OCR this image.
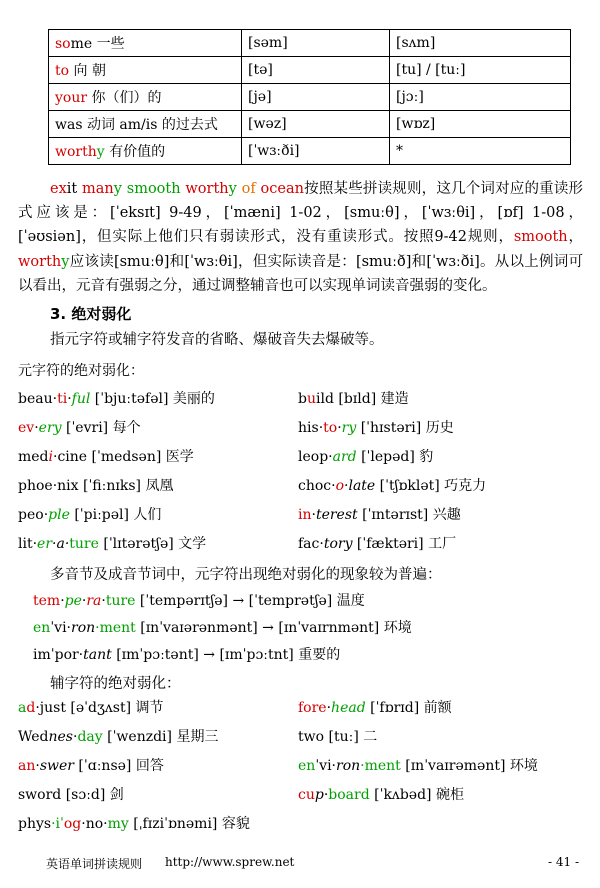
some 一些	[səm]	[sʌm]
to 向 朝	[tə]	[tu] / [tuː]
your 你（们）的	[jə]	[jɔː]
was 动词 am/is 的过去式	[wəz]	[wɒz]
worthy 有价值的	[ˈwɜːði]	*

exit many smooth worthy of ocean按照某些拼读规则，这几个词对应的重读形式应该是：[ˈeksɪt] 9-49，[ˈmæni] 1-02，[smuːθ]，[ˈwɜːθi]，[ɒf] 1-08，[ˈəʊsiən]，但实际上他们只有弱读形式，没有重读形式。按照9-42规则，smooth，worthy应该读[smuːθ]和[ˈwɜːθi]，但实际读音是：[smuːð]和[ˈwɜːði]。从以上例词可以看出，元音有强弱之分，通过调整辅音也可以实现单词读音强弱的变化。

3. 绝对弱化

指元字符或辅字符发音的省略、爆破音失去爆破等。

元字符的绝对弱化：
beau·ti·ful [ˈbjuːtəfəl] 美丽的	build [bɪld] 建造
ev·ery [ˈevri] 每个	his·to·ry [ˈhɪstəri] 历史
medi·cine [ˈmedsən] 医学	leop·ard [ˈlepəd] 豹
phoe·nix [ˈfiːnɪks] 凤凰	choc·o·late [ˈtʃɒklət] 巧克力
peo·ple [ˈpiːpəl] 人们	in·terest [ˈɪntərɪst] 兴趣
lit·er·a·ture [ˈlɪtərətʃə] 文学	fac·tory [ˈfæktəri] 工厂

多音节及成音节词中，元字符出现绝对弱化的现象较为普遍：

tem·pe·ra·ture [ˈtempərɪtʃə] → [ˈtemprətʃə] 温度
enˈvi·ron·ment [ɪnˈvaɪərənmənt] → [ɪnˈvaɪrnmənt] 环境
imˈpor·tant [ɪmˈpɔːtənt] → [ɪmˈpɔːtnt] 重要的

辅字符的绝对弱化：

ad·just [əˈdʒʌst] 调节	fore·head [ˈfɒrɪd] 前额
Wednes·day [ˈwenzdi] 星期三	two [tuː] 二
an·swer [ˈɑːnsə] 回答	enˈvi·ron·ment [ɪnˈvaɪrəmənt] 环境
sword [sɔːd] 剑	cup·board [ˈkʌbəd] 碗柜
phys·iˈog·no·my [ˌfɪziˈɒnəmi] 容貌
英语单词拼读规则 http://www.sprew.net	- 41 -
